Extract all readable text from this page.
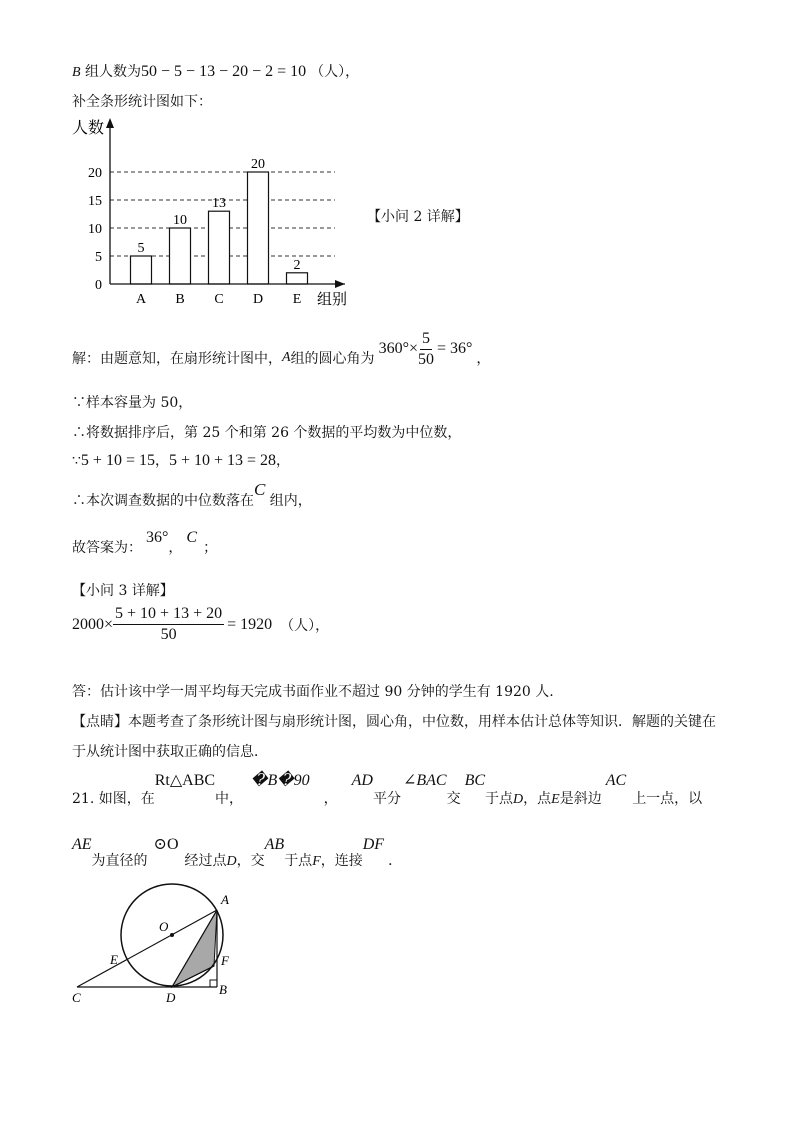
B 组人数为50 − 5 − 13 − 20 − 2 = 10 （人），
补全条形统计图如下：
5
10
13
20
2
0
5
10
15
20
人数
组别
A B C D E
【小问 2 详解】
解：由题意知，在扇形统计图中， A 组的圆心角为
$360^\circ\times \frac{5}{50} = 36^\circ$
，
∵样本容量为 50，
∴将数据排序后，第 25 个和第 26 个数据的平均数为中位数，
∵5 + 10 = 15，5 + 10 + 13 = 28，
∴本次调查数据的中位数落在C 组内，
故答案为：36°，C；
【小问 3 详解】
$2000\times \frac{5 + 10 + 13 + 20}{50} = 1920$ （人），
答：估计该中学一周平均每天完成书面作业不超过 90 分钟的学生有 1920 人.
【点睛】本题考查了条形统计图与扇形统计图，圆心角，中位数，用样本估计总体等知识．解题的关键在
于从统计图中获取正确的信息．
21. 如图，在Rt△ABC中，�B�90，AD平分∠BAC交BC于点D，点E是斜边AC上一点，以
AE为直径的⊙O经过点D，交AB于点F，连接DF．
A
O
E	F
C	D
B
